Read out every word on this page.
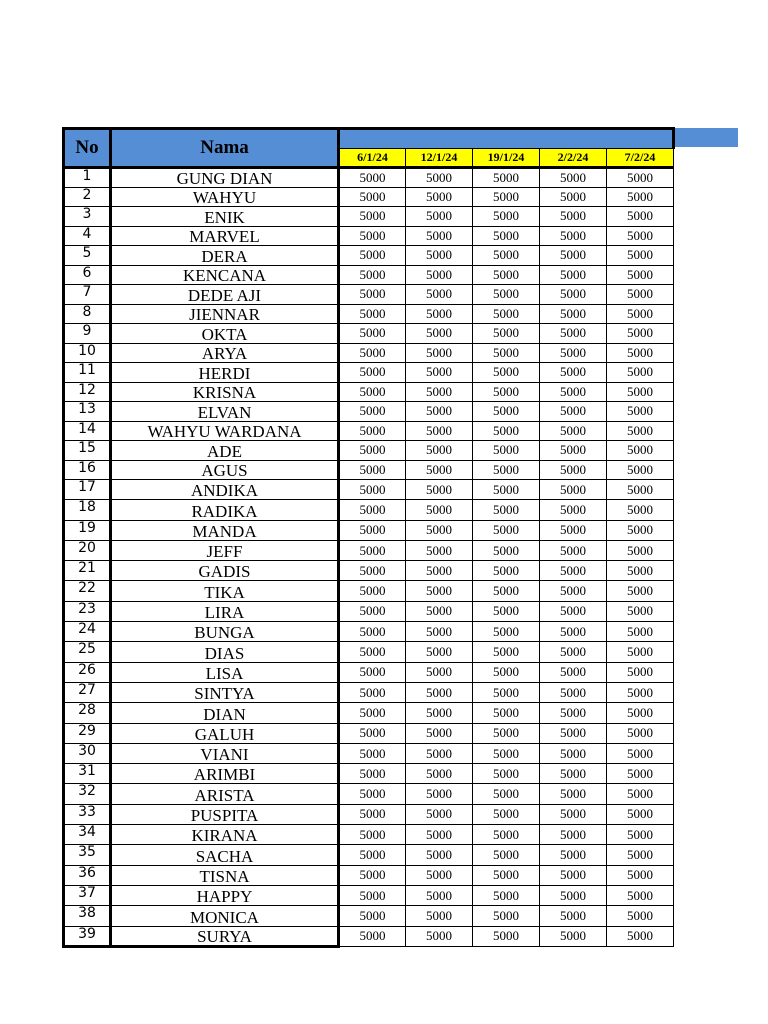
No	Nama					
		6/1/24	12/1/24	19/1/24	2/2/24	7/2/24
1	GUNG DIAN	5000	5000	5000	5000	5000
2	WAHYU	5000	5000	5000	5000	5000
3	ENIK	5000	5000	5000	5000	5000
4	MARVEL	5000	5000	5000	5000	5000
5	DERA	5000	5000	5000	5000	5000
6	KENCANA	5000	5000	5000	5000	5000
7	DEDE AJI	5000	5000	5000	5000	5000
8	JIENNAR	5000	5000	5000	5000	5000
9	OKTA	5000	5000	5000	5000	5000
10	ARYA	5000	5000	5000	5000	5000
11	HERDI	5000	5000	5000	5000	5000
12	KRISNA	5000	5000	5000	5000	5000
13	ELVAN	5000	5000	5000	5000	5000
14	WAHYU WARDANA	5000	5000	5000	5000	5000
15	ADE	5000	5000	5000	5000	5000
16	AGUS	5000	5000	5000	5000	5000
17	ANDIKA	5000	5000	5000	5000	5000
18	RADIKA	5000	5000	5000	5000	5000
19	MANDA	5000	5000	5000	5000	5000
20	JEFF	5000	5000	5000	5000	5000
21	GADIS	5000	5000	5000	5000	5000
22	TIKA	5000	5000	5000	5000	5000
23	LIRA	5000	5000	5000	5000	5000
24	BUNGA	5000	5000	5000	5000	5000
25	DIAS	5000	5000	5000	5000	5000
26	LISA	5000	5000	5000	5000	5000
27	SINTYA	5000	5000	5000	5000	5000
28	DIAN	5000	5000	5000	5000	5000
29	GALUH	5000	5000	5000	5000	5000
30	VIANI	5000	5000	5000	5000	5000
31	ARIMBI	5000	5000	5000	5000	5000
32	ARISTA	5000	5000	5000	5000	5000
33	PUSPITA	5000	5000	5000	5000	5000
34	KIRANA	5000	5000	5000	5000	5000
35	SACHA	5000	5000	5000	5000	5000
36	TISNA	5000	5000	5000	5000	5000
37	HAPPY	5000	5000	5000	5000	5000
38	MONICA	5000	5000	5000	5000	5000
39	SURYA	5000	5000	5000	5000	5000
